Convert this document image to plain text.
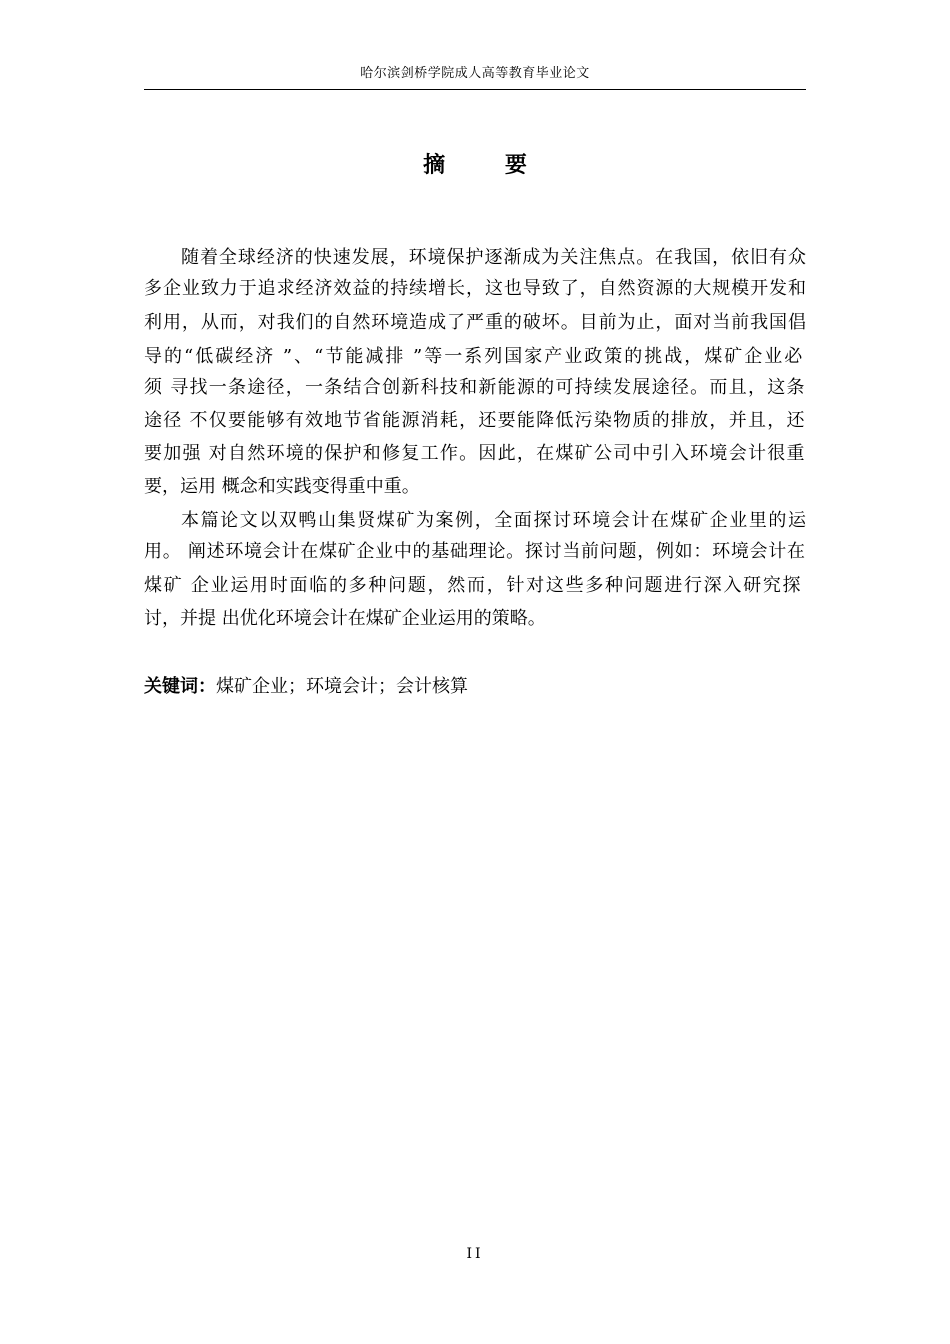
哈尔滨剑桥学院成人高等教育毕业论文
摘 要
随着全球经济的快速发展，环境保护逐渐成为关注焦点。在我国，依旧有众
多企业致力于追求经济效益的持续增长，这也导致了，自然资源的大规模开发和
利用，从而，对我们的自然环境造成了严重的破坏。目前为止，面对当前我国倡
导的“低碳经济 ”、“节能减排 ”等一系列国家产业政策的挑战，煤矿企业必
须 寻找一条途径，一条结合创新科技和新能源的可持续发展途径。而且，这条
途径 不仅要能够有效地节省能源消耗，还要能降低污染物质的排放，并且，还
要加强 对自然环境的保护和修复工作。因此，在煤矿公司中引入环境会计很重
要，运用 概念和实践变得重中重。
本篇论文以双鸭山集贤煤矿为案例，全面探讨环境会计在煤矿企业里的运
用。 阐述环境会计在煤矿企业中的基础理论。探讨当前问题，例如：环境会计在
煤矿 企业运用时面临的多种问题，然而，针对这些多种问题进行深入研究探
讨，并提 出优化环境会计在煤矿企业运用的策略。
关键词：煤矿企业；环境会计；会计核算
II
